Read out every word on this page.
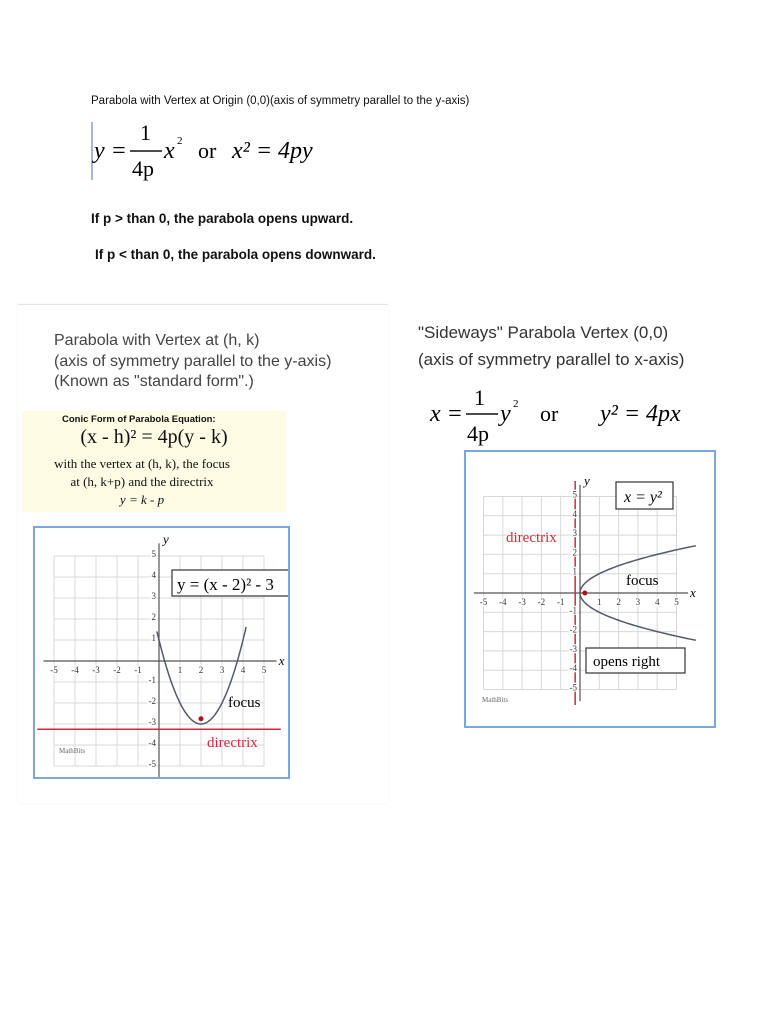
Parabola with Vertex at Origin (0,0)(axis of symmetry parallel to the y-axis)
y =
1
4p
x 2 or x² = 4py
If p > than 0, the parabola opens upward.
If p < than 0, the parabola opens downward.
Parabola with Vertex at (h, k)
(axis of symmetry parallel to the y-axis)
(Known as "standard form".)
Conic Form of Parabola Equation:
(x - h)² = 4p(y - k)
with the vertex at (h, k), the focus
at (h, k+p) and the directrix
y = k - p
y = (x - 2)² - 3
focus
directrix
MathBits
-5
-5
-4
-4
-3
-3
-2
-2
-1
-1
1
1
2
2
3
3
4
4
5
5
x
y
"Sideways" Parabola Vertex (0,0)
(axis of symmetry parallel to x-axis)
x =
1
4p
y 2 or y² = 4px
x = y²
directrix
focus
opens right
MathBits
-5
-5
-4
-4
-3
-3
-2
-2
-1
-1
1
1
2
2
3
3
4
4
5
5
x
y
